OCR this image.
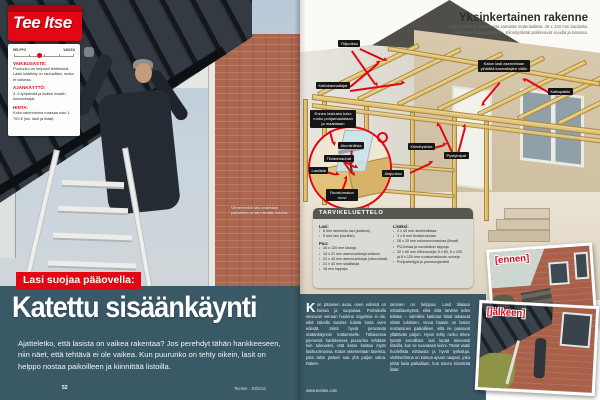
Viimeinenkin lasi nostetaan paikoilleen ja kiinnitetään listoilla.
Tee Itse
HELPPO	VAIKEA
VAIKEUSASTE:
Puurunko on helposti tehtävissä. Lasin käsittely on rauhallista, mutta ei vaikeaa.
AJANKÄYTTÖ:
2–3 työpäivää ja lisäksi maalin kuivumisajat.
HINTA:
Koko rakennelma maksaa noin 1 700 € (sis. lasit ja listat).
Lasi suojaa pääovella:
Katettu sisäänkäynti
Ajatteletko, että lasista on vaikea rakentaa? Jos perehdyt tähän hankkeeseen, niin näet, että tehtävä ei ole vaikea. Kun puurunko on tehty oikein, lasit on helppo nostaa paikoilleen ja kiinnittää listoilla.
52	TeeItse · 10/2011
Yläjuoksu
Kattokannattajat
Katon lasit asennetaan ylhäältä kannattajien väliin
Kattopalkki
Pystytolpat
Alajuoksu
Kiinnityslista
Ennen lasitusta koko runko pohjamaalataan ja maalataan
Alumiinilista
Tiivistenauhat
Lasilista
Ruostumaton ruuvi
Yksinkertainen rakenne
Koko runko on rakennettu samasta materiaalista: 45 x 120 mm laudasta.
Vain lasin suojat ympärille. Kiinnityslistat poikkeavat sivuilla ja katossa.
TARVIKELUETTELO
Lasi:
▪ 6 mm laminoitu lasi (kattoon)
▪ 5 mm lasi (sivuihin)
Puu:
▪ 45 x 120 mm lautoja
▪ 10 x 21 mm asennuslistoja kattoon
▪ 21 x 45 mm asennuslistoja (ulkonurkat)
▪ 21 x 43 mm sisälistoja
▪ 16 mm tappeja
Lisäksi:
▪ 4 x 40 mm alumiinilistaa
▪ 3 x 8 mm tiivistenauhaa
▪ 26 x 20 mm solumuovinauhaa (liimat)
▪ PU-liimaa ja ruuvitulkon lappuja
▪ 32 x 60 mm liitinruuveja; 5 x 60, 6 x 120 ja 8 x 120 mm ruostumattomia ruuveja
▪ Pohjusteöljyä ja puunsuojaväriä
Kun pääoven avaa, oven edessä on kuivaa ja suojaisaa. Portaikolla seisovan vieraan huolena ongelmia ei ole, eikä talvella tarvitse kolata lunta oven edestä. Siinä hyviä perusteita sisäänkäynnin kattamiselle. Tällaisessa pienessä hankkeessa puurunko tehdään niin tukevaksi, että katos kantaa myös lasikuormansa. Katos rakennetaan laseista, jotta talon pääovi saa yhä paljon valoa. Raken-
taminen on helppoa. Lasit tilataan mittatilaustyönä, eikä niitä tarvitse edes leikata – valmiiksi katkotut listat takaavat siistin tuloksen. Ainoa haaste on lasien nostaminen paikoilleen, sillä ne painavat yllättävän paljon. Hyvin tehty runko tekee työstä turvallista: lasi lepää tukevasti listoilla, kun se ruuvataan kiinni. Tämä vaatii huolellista mittausta ja hyviä työkaluja. Vaihtoehtona on kutsua apuun naapuri, joka pitää lasia paikallaan, kun toinen kiinnittää listat.
www.teeitse.com
[ennen]
[jälkeen]
